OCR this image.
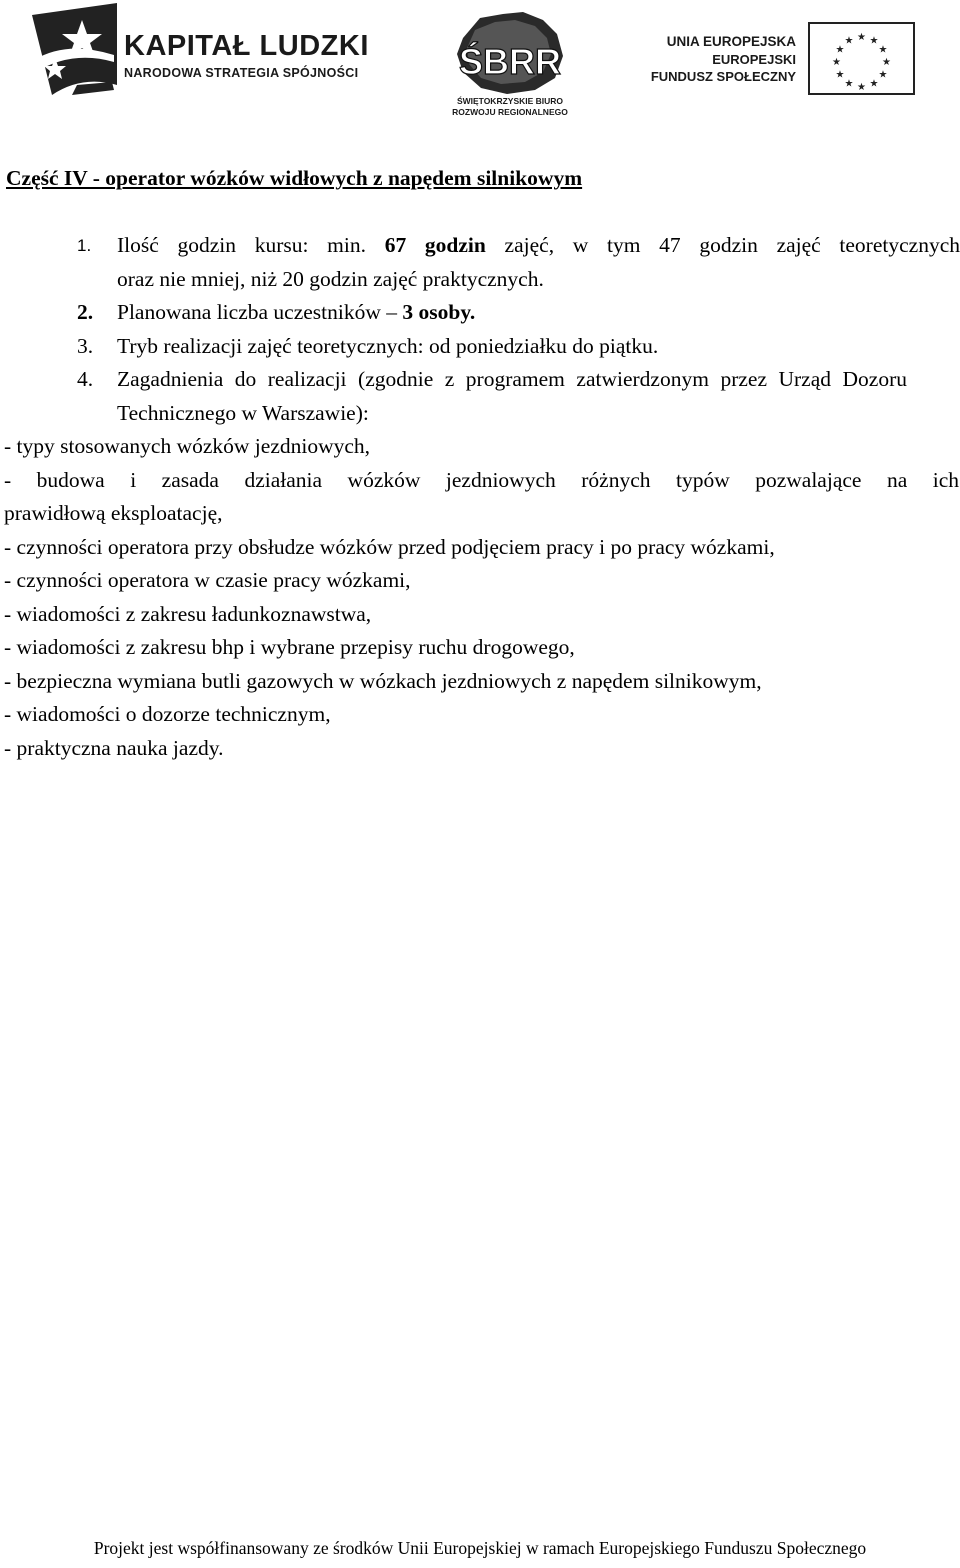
KAPITAŁ LUDZKI
NARODOWA STRATEGIA SPÓJNOŚCI	ŚBRR
ŚWIĘTOKRZYSKIE BIURO
ROZWOJU REGIONALNEGO
UNIA EUROPEJSKA
EUROPEJSKI
FUNDUSZ SPOŁECZNY
★ ★
★
★
★
★
★
★
★
★
★
★
Część IV - operator wózków widłowych z napędem silnikowym
1. Ilość godzin kursu: min. 67 godzin zajęć, w tym 47 godzin zajęć teoretycznych
oraz nie mniej, niż 20 godzin zajęć praktycznych.
2. Planowana liczba uczestników – 3 osoby.
3. Tryb realizacji zajęć teoretycznych: od poniedziałku do piątku.
4. Zagadnienia do realizacji (zgodnie z programem zatwierdzonym przez Urząd Dozoru Technicznego w Warszawie):
- typy stosowanych wózków jezdniowych,
- budowa i zasada działania wózków jezdniowych różnych typów pozwalające na ich
prawidłową eksploatację,
- czynności operatora przy obsłudze wózków przed podjęciem pracy i po pracy wózkami,
- czynności operatora w czasie pracy wózkami,
- wiadomości z zakresu ładunkoznawstwa,
- wiadomości z zakresu bhp i wybrane przepisy ruchu drogowego,
- bezpieczna wymiana butli gazowych w wózkach jezdniowych z napędem silnikowym,
- wiadomości o dozorze technicznym,
- praktyczna nauka jazdy.
Projekt jest współfinansowany ze środków Unii Europejskiej w ramach Europejskiego Funduszu Społecznego
